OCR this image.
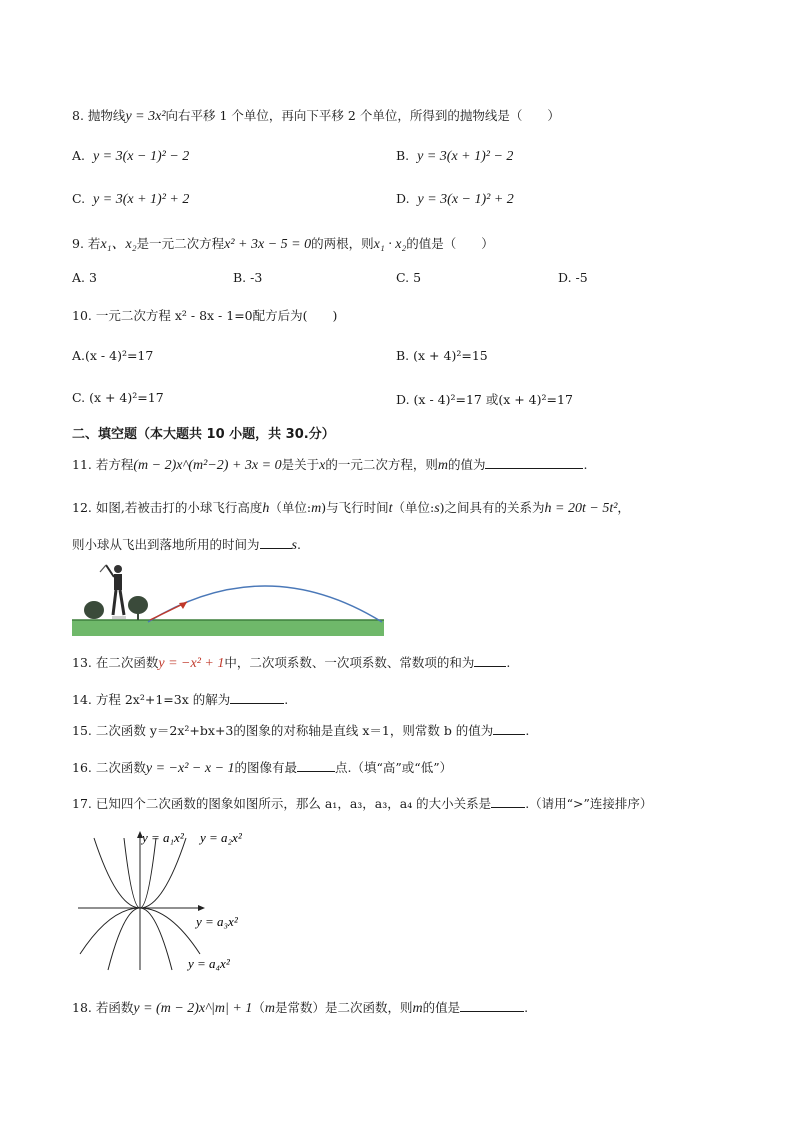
8. 抛物线y = 3x²向右平移 1 个单位，再向下平移 2 个单位，所得到的抛物线是（　　）
A. y = 3(x − 1)² − 2	B. y = 3(x + 1)² − 2
C. y = 3(x + 1)² + 2	D. y = 3(x − 1)² + 2
9. 若x₁、x₂是一元二次方程x² + 3x − 5 = 0的两根，则x₁ · x₂的值是（　　）
A. 3	B. -3	C. 5	D. -5
10. 一元二次方程 x² - 8x - 1=0配方后为(　　)
A.(x - 4)²=17	B. (x + 4)²=15
C. (x + 4)²=17	D. (x - 4)²=17 或(x + 4)²=17
二、填空题（本大题共 10 小题，共 30.分）
11. 若方程(m − 2)x^(m²−2) + 3x = 0是关于x的一元二次方程，则m的值为	.
12. 如图,若被击打的小球飞行高度h（单位:m)与飞行时间t（单位:s)之间具有的关系为h = 20t − 5t²，
则小球从飞出到落地所用的时间为 s.
13. 在二次函数y = −x² + 1中，二次项系数、一次项系数、常数项的和为	.
14. 方程 2x²+1=3x 的解为	.
15. 二次函数 y＝2x²+bx+3的图象的对称轴是直线 x＝1，则常数 b 的值为	.
16. 二次函数y = −x² − x − 1的图像有最	点.（填“高”或“低”）
17. 已知四个二次函数的图象如图所示，那么 a₁，a₃，a₃，a₄ 的大小关系是	.（请用“>”连接排序）
y = a₁x² y = a₂x²
y = a₃x²
y = a₄x²
18. 若函数y = (m − 2)x^|m| + 1（m是常数）是二次函数，则m的值是	.
